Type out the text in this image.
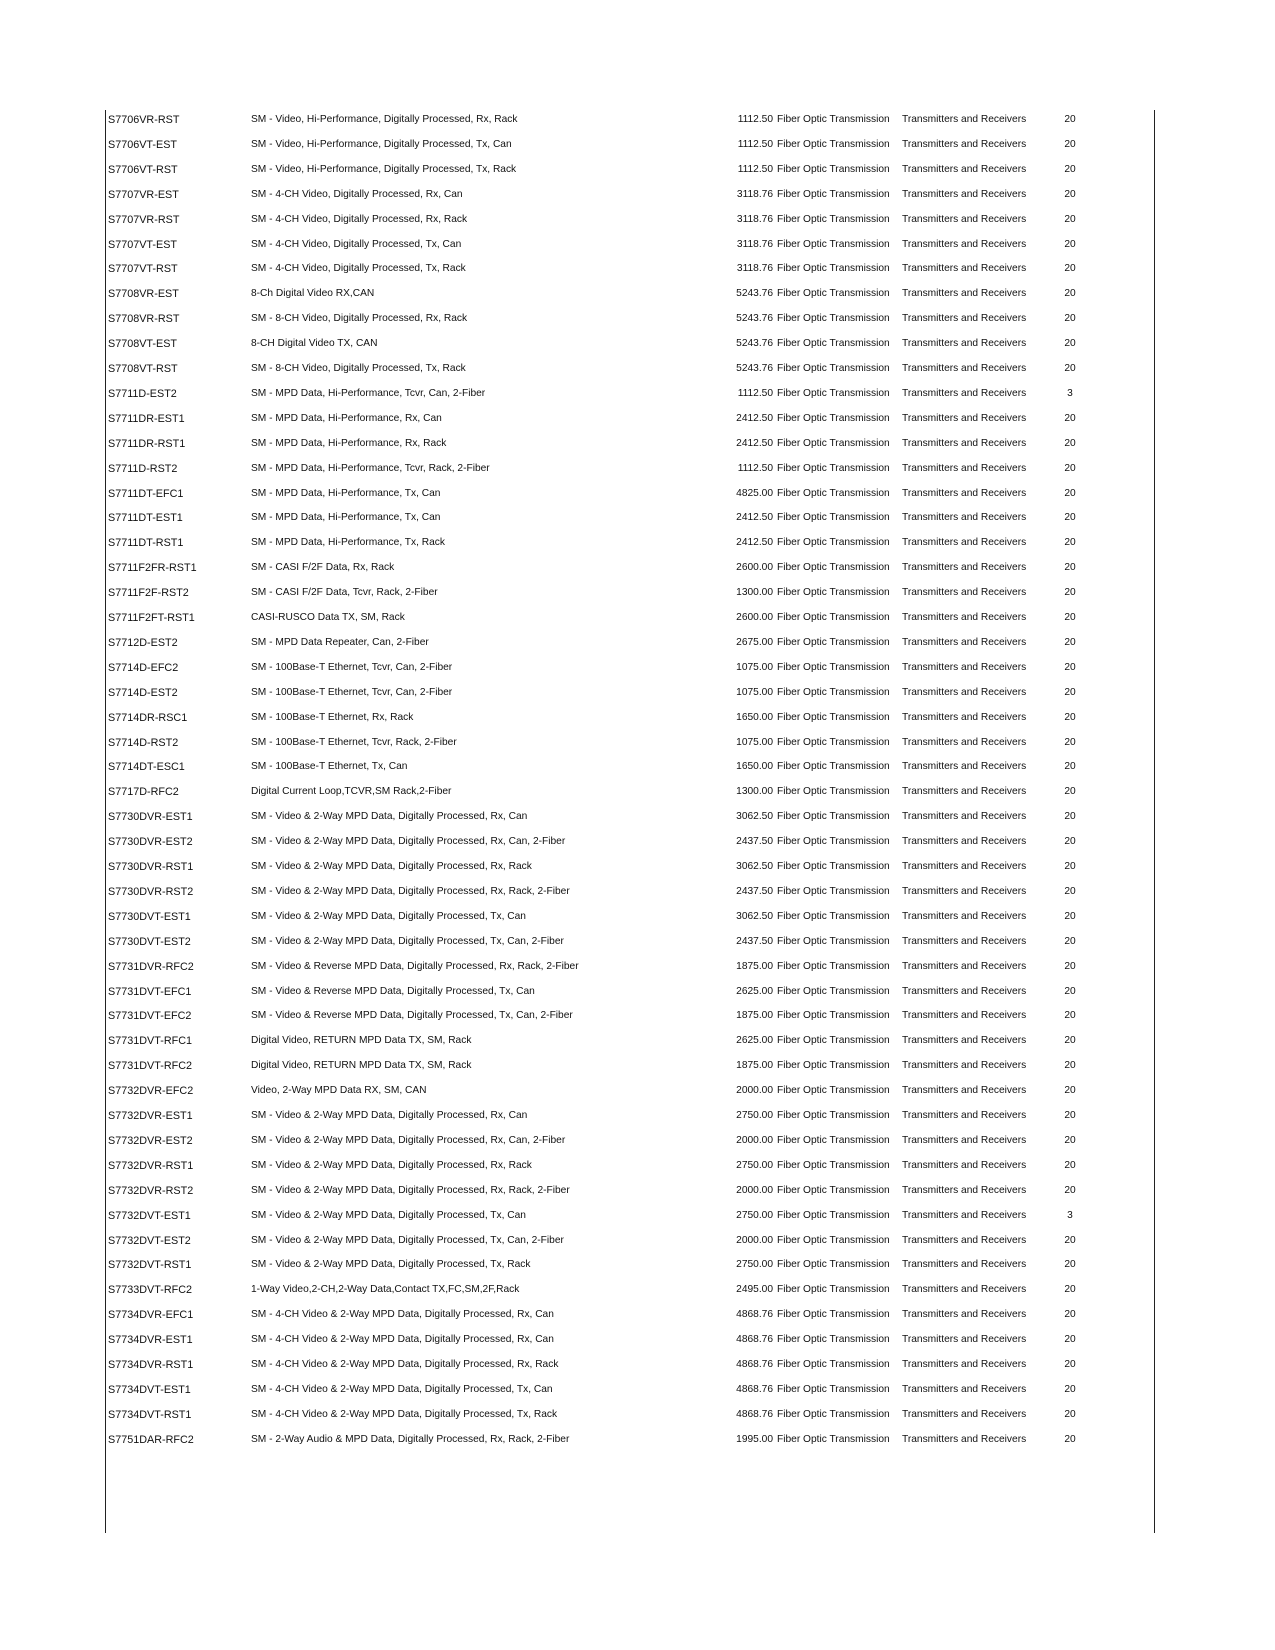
S7706VR-RST	SM - Video, Hi-Performance, Digitally Processed, Rx, Rack	1112.50 Fiber Optic Transmission Transmitters and Receivers	20
S7706VT-EST	SM - Video, Hi-Performance, Digitally Processed, Tx, Can	1112.50 Fiber Optic Transmission Transmitters and Receivers	20
S7706VT-RST	SM - Video, Hi-Performance, Digitally Processed, Tx, Rack	1112.50 Fiber Optic Transmission Transmitters and Receivers	20
S7707VR-EST	SM - 4-CH Video, Digitally Processed, Rx, Can	3118.76 Fiber Optic Transmission Transmitters and Receivers	20
S7707VR-RST	SM - 4-CH Video, Digitally Processed, Rx, Rack	3118.76 Fiber Optic Transmission Transmitters and Receivers	20
S7707VT-EST	SM - 4-CH Video, Digitally Processed, Tx, Can	3118.76 Fiber Optic Transmission Transmitters and Receivers	20
S7707VT-RST	SM - 4-CH Video, Digitally Processed, Tx, Rack	3118.76 Fiber Optic Transmission Transmitters and Receivers	20
S7708VR-EST	8-Ch Digital Video RX,CAN	5243.76 Fiber Optic Transmission Transmitters and Receivers	20
S7708VR-RST	SM - 8-CH Video, Digitally Processed, Rx, Rack	5243.76 Fiber Optic Transmission Transmitters and Receivers	20
S7708VT-EST	8-CH Digital Video TX, CAN	5243.76 Fiber Optic Transmission Transmitters and Receivers	20
S7708VT-RST	SM - 8-CH Video, Digitally Processed, Tx, Rack	5243.76 Fiber Optic Transmission Transmitters and Receivers	20
S7711D-EST2	SM - MPD Data, Hi-Performance, Tcvr, Can, 2-Fiber	1112.50 Fiber Optic Transmission Transmitters and Receivers	3
S7711DR-EST1	SM - MPD Data, Hi-Performance, Rx, Can	2412.50 Fiber Optic Transmission Transmitters and Receivers	20
S7711DR-RST1	SM - MPD Data, Hi-Performance, Rx, Rack	2412.50 Fiber Optic Transmission Transmitters and Receivers	20
S7711D-RST2	SM - MPD Data, Hi-Performance, Tcvr, Rack, 2-Fiber	1112.50 Fiber Optic Transmission Transmitters and Receivers	20
S7711DT-EFC1	SM - MPD Data, Hi-Performance, Tx, Can	4825.00 Fiber Optic Transmission Transmitters and Receivers	20
S7711DT-EST1	SM - MPD Data, Hi-Performance, Tx, Can	2412.50 Fiber Optic Transmission Transmitters and Receivers	20
S7711DT-RST1	SM - MPD Data, Hi-Performance, Tx, Rack	2412.50 Fiber Optic Transmission Transmitters and Receivers	20
S7711F2FR-RST1	SM - CASI F/2F Data, Rx, Rack	2600.00 Fiber Optic Transmission Transmitters and Receivers	20
S7711F2F-RST2	SM - CASI F/2F Data, Tcvr, Rack, 2-Fiber	1300.00 Fiber Optic Transmission Transmitters and Receivers	20
S7711F2FT-RST1	CASI-RUSCO Data TX, SM, Rack	2600.00 Fiber Optic Transmission Transmitters and Receivers	20
S7712D-EST2	SM - MPD Data Repeater, Can, 2-Fiber	2675.00 Fiber Optic Transmission Transmitters and Receivers	20
S7714D-EFC2	SM - 100Base-T Ethernet, Tcvr, Can, 2-Fiber	1075.00 Fiber Optic Transmission Transmitters and Receivers	20
S7714D-EST2	SM - 100Base-T Ethernet, Tcvr, Can, 2-Fiber	1075.00 Fiber Optic Transmission Transmitters and Receivers	20
S7714DR-RSC1	SM - 100Base-T Ethernet, Rx, Rack	1650.00 Fiber Optic Transmission Transmitters and Receivers	20
S7714D-RST2	SM - 100Base-T Ethernet, Tcvr, Rack, 2-Fiber	1075.00 Fiber Optic Transmission Transmitters and Receivers	20
S7714DT-ESC1	SM - 100Base-T Ethernet, Tx, Can	1650.00 Fiber Optic Transmission Transmitters and Receivers	20
S7717D-RFC2	Digital Current Loop,TCVR,SM Rack,2-Fiber	1300.00 Fiber Optic Transmission Transmitters and Receivers	20
S7730DVR-EST1	SM - Video & 2-Way MPD Data, Digitally Processed, Rx, Can	3062.50 Fiber Optic Transmission Transmitters and Receivers	20
S7730DVR-EST2	SM - Video & 2-Way MPD Data, Digitally Processed, Rx, Can, 2-Fiber	2437.50 Fiber Optic Transmission Transmitters and Receivers	20
S7730DVR-RST1	SM - Video & 2-Way MPD Data, Digitally Processed, Rx, Rack	3062.50 Fiber Optic Transmission Transmitters and Receivers	20
S7730DVR-RST2	SM - Video & 2-Way MPD Data, Digitally Processed, Rx, Rack, 2-Fiber	2437.50 Fiber Optic Transmission Transmitters and Receivers	20
S7730DVT-EST1	SM - Video & 2-Way MPD Data, Digitally Processed, Tx, Can	3062.50 Fiber Optic Transmission Transmitters and Receivers	20
S7730DVT-EST2	SM - Video & 2-Way MPD Data, Digitally Processed, Tx, Can, 2-Fiber	2437.50 Fiber Optic Transmission Transmitters and Receivers	20
S7731DVR-RFC2	SM - Video & Reverse MPD Data, Digitally Processed, Rx, Rack, 2-Fiber	1875.00 Fiber Optic Transmission Transmitters and Receivers	20
S7731DVT-EFC1	SM - Video & Reverse MPD Data, Digitally Processed, Tx, Can	2625.00 Fiber Optic Transmission Transmitters and Receivers	20
S7731DVT-EFC2	SM - Video & Reverse MPD Data, Digitally Processed, Tx, Can, 2-Fiber	1875.00 Fiber Optic Transmission Transmitters and Receivers	20
S7731DVT-RFC1	Digital Video, RETURN MPD Data TX, SM, Rack	2625.00 Fiber Optic Transmission Transmitters and Receivers	20
S7731DVT-RFC2	Digital Video, RETURN MPD Data TX, SM, Rack	1875.00 Fiber Optic Transmission Transmitters and Receivers	20
S7732DVR-EFC2	Video, 2-Way MPD Data RX, SM, CAN	2000.00 Fiber Optic Transmission Transmitters and Receivers	20
S7732DVR-EST1	SM - Video & 2-Way MPD Data, Digitally Processed, Rx, Can	2750.00 Fiber Optic Transmission Transmitters and Receivers	20
S7732DVR-EST2	SM - Video & 2-Way MPD Data, Digitally Processed, Rx, Can, 2-Fiber	2000.00 Fiber Optic Transmission Transmitters and Receivers	20
S7732DVR-RST1	SM - Video & 2-Way MPD Data, Digitally Processed, Rx, Rack	2750.00 Fiber Optic Transmission Transmitters and Receivers	20
S7732DVR-RST2	SM - Video & 2-Way MPD Data, Digitally Processed, Rx, Rack, 2-Fiber	2000.00 Fiber Optic Transmission Transmitters and Receivers	20
S7732DVT-EST1	SM - Video & 2-Way MPD Data, Digitally Processed, Tx, Can	2750.00 Fiber Optic Transmission Transmitters and Receivers	3
S7732DVT-EST2	SM - Video & 2-Way MPD Data, Digitally Processed, Tx, Can, 2-Fiber	2000.00 Fiber Optic Transmission Transmitters and Receivers	20
S7732DVT-RST1	SM - Video & 2-Way MPD Data, Digitally Processed, Tx, Rack	2750.00 Fiber Optic Transmission Transmitters and Receivers	20
S7733DVT-RFC2	1-Way Video,2-CH,2-Way Data,Contact TX,FC,SM,2F,Rack	2495.00 Fiber Optic Transmission Transmitters and Receivers	20
S7734DVR-EFC1	SM - 4-CH Video & 2-Way MPD Data, Digitally Processed, Rx, Can	4868.76 Fiber Optic Transmission Transmitters and Receivers	20
S7734DVR-EST1	SM - 4-CH Video & 2-Way MPD Data, Digitally Processed, Rx, Can	4868.76 Fiber Optic Transmission Transmitters and Receivers	20
S7734DVR-RST1	SM - 4-CH Video & 2-Way MPD Data, Digitally Processed, Rx, Rack	4868.76 Fiber Optic Transmission Transmitters and Receivers	20
S7734DVT-EST1	SM - 4-CH Video & 2-Way MPD Data, Digitally Processed, Tx, Can	4868.76 Fiber Optic Transmission Transmitters and Receivers	20
S7734DVT-RST1	SM - 4-CH Video & 2-Way MPD Data, Digitally Processed, Tx, Rack	4868.76 Fiber Optic Transmission Transmitters and Receivers	20
S7751DAR-RFC2	SM - 2-Way Audio & MPD Data, Digitally Processed, Rx, Rack, 2-Fiber	1995.00 Fiber Optic Transmission Transmitters and Receivers	20
